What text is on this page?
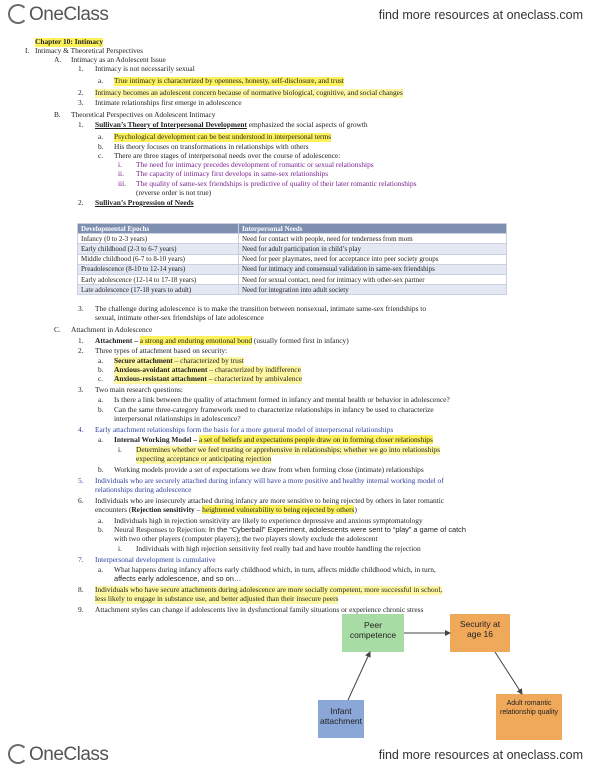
OneClass	find more resources at oneclass.com
Chapter 10: Intimacy
I. Intimacy & Theoretical Perspectives
A. Intimacy as an Adolescent Issue
1. Intimacy is not necessarily sexual
a. True intimacy is characterized by openness, honesty, self-disclosure, and trust
2. Intimacy becomes an adolescent concern because of normative biological, cognitive, and social changes
3. Intimate relationships first emerge in adolescence
B. Theoretical Perspectives on Adolescent Intimacy
1. Sullivan’s Theory of Interpersonal Development emphasized the social aspects of growth
a. Psychological development can be best understood in interpersonal terms
b. His theory focuses on transformations in relationships with others
c. There are three stages of interpersonal needs over the course of adolescence:
i. The need for intimacy precedes development of romantic or sexual relationships
ii. The capacity of intimacy first develops in same-sex relationships
iii. The quality of same-sex friendships is predictive of quality of their later romantic relationships
(reverse order is not true)
2. Sullivan’s Progression of Needs
3. The challenge during adolescence is to make the transition between nonsexual, intimate same-sex friendships to
sexual, intimate other-sex friendships of late adolescence
C. Attachment in Adolescence
1. Attachment – a strong and enduring emotional bond (usually formed first in infancy)
2. Three types of attachment based on security:
a. Secure attachment – characterized by trust
b. Anxious-avoidant attachment – characterized by indifference
c. Anxious-resistant attachment – characterized by ambivalence
3. Two main research questions:
a. Is there a link between the quality of attachment formed in infancy and mental health or behavior in adolescence?
b. Can the same three-category framework used to characterize relationships in infancy be used to characterize
interpersonal relationships in adolescence?
4. Early attachment relationships form the basis for a more general model of interpersonal relationships
a. Internal Working Model – a set of beliefs and expectations people draw on in forming closer relationships
i. Determines whether we feel trusting or apprehensive in relationships; whether we go into relationships
expecting acceptance or anticipating rejection
b. Working models provide a set of expectations we draw from when forming close (intimate) relationships
5. Individuals who are securely attached during infancy will have a more positive and healthy internal working model of
relationships during adolescence
6. Individuals who are insecurely attached during infancy are more sensitive to being rejected by others in later romantic
encounters (Rejection sensitivity – heightened vulnerability to being rejected by others)
a. Individuals high in rejection sensitivity are likely to experience depressive and anxious symptomatology
b. Neural Responses to Rejection: In the “Cyberball” Experiment, adolescents were sent to “play” a game of catch
with two other players (computer players); the two players slowly exclude the adolescent
i. Individuals with high rejection sensitivity feel really bad and have trouble handling the rejection
7. Interpersonal development is cumulative
a. What happens during infancy affects early childhood which, in turn, affects middle childhood which, in turn,
affects early adolescence, and so on…
8. Individuals who have secure attachments during adolescence are more socially competent, more successful in school,
less likely to engage in substance use, and better adjusted than their insecure peers
9. Attachment styles can change if adolescents live in dysfunctional family situations or experience chronic stress
Developmental Epochs	Interpersonal Needs
Infancy (0 to 2-3 years)	Need for contact with people, need for tenderness from mom
Early childhood (2-3 to 6-7 years)	Need for adult participation in child’s play
Middle childhood (6-7 to 8-10 years)	Need for peer playmates, need for acceptance into peer society groups
Preadolescence (8-10 to 12-14 years)	Need for intimacy and consensual validation in same-sex friendships
Early adolescence (12-14 to 17-18 years)	Need for sexual contact, need for intimacy with other-sex partner
Late adolescence (17-18 years to adult)	Need for integration into adult society
Peer competence
Security at age 16
Infant attachment
Adult romantic relationship quality
OneClass	find more resources at oneclass.com
